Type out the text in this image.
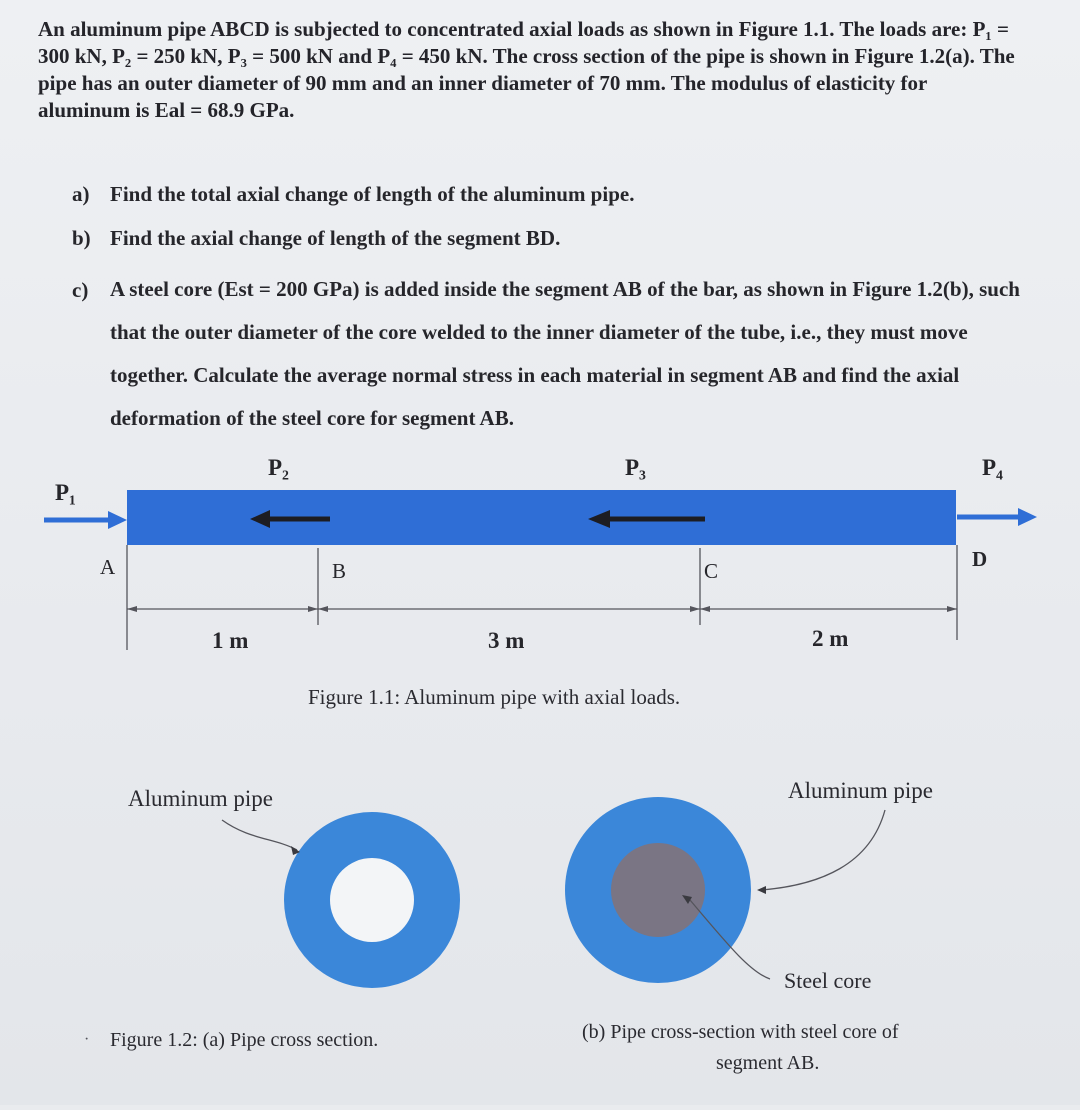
An aluminum pipe ABCD is subjected to concentrated axial loads as shown in Figure 1.1. The loads are: P₁ = 300 kN, P₂ = 250 kN, P₃ = 500 kN and P₄ = 450 kN. The cross section of the pipe is shown in Figure 1.2(a). The pipe has an outer diameter of 90 mm and an inner diameter of 70 mm. The modulus of elasticity for aluminum is Eal = 68.9 GPa.

a) Find the total axial change of length of the aluminum pipe.
b) Find the axial change of length of the segment BD.
c)	A steel core (Est = 200 GPa) is added inside the segment AB of the bar, as shown in Figure 1.2(b), such that the outer diameter of the core welded to the inner diameter of the tube, i.e., they must move together. Calculate the average normal stress in each material in segment AB and find the axial deformation of the steel core for segment AB.
P₁
P₂	P₃	P₄
A	B	C	D
1 m	3 m	2 m
Figure 1.1: Aluminum pipe with axial loads.
Aluminum pipe	Aluminum pipe
Steel core
Figure 1.2: (a) Pipe cross section.	(b) Pipe cross-section with steel core of
segment AB.
·
